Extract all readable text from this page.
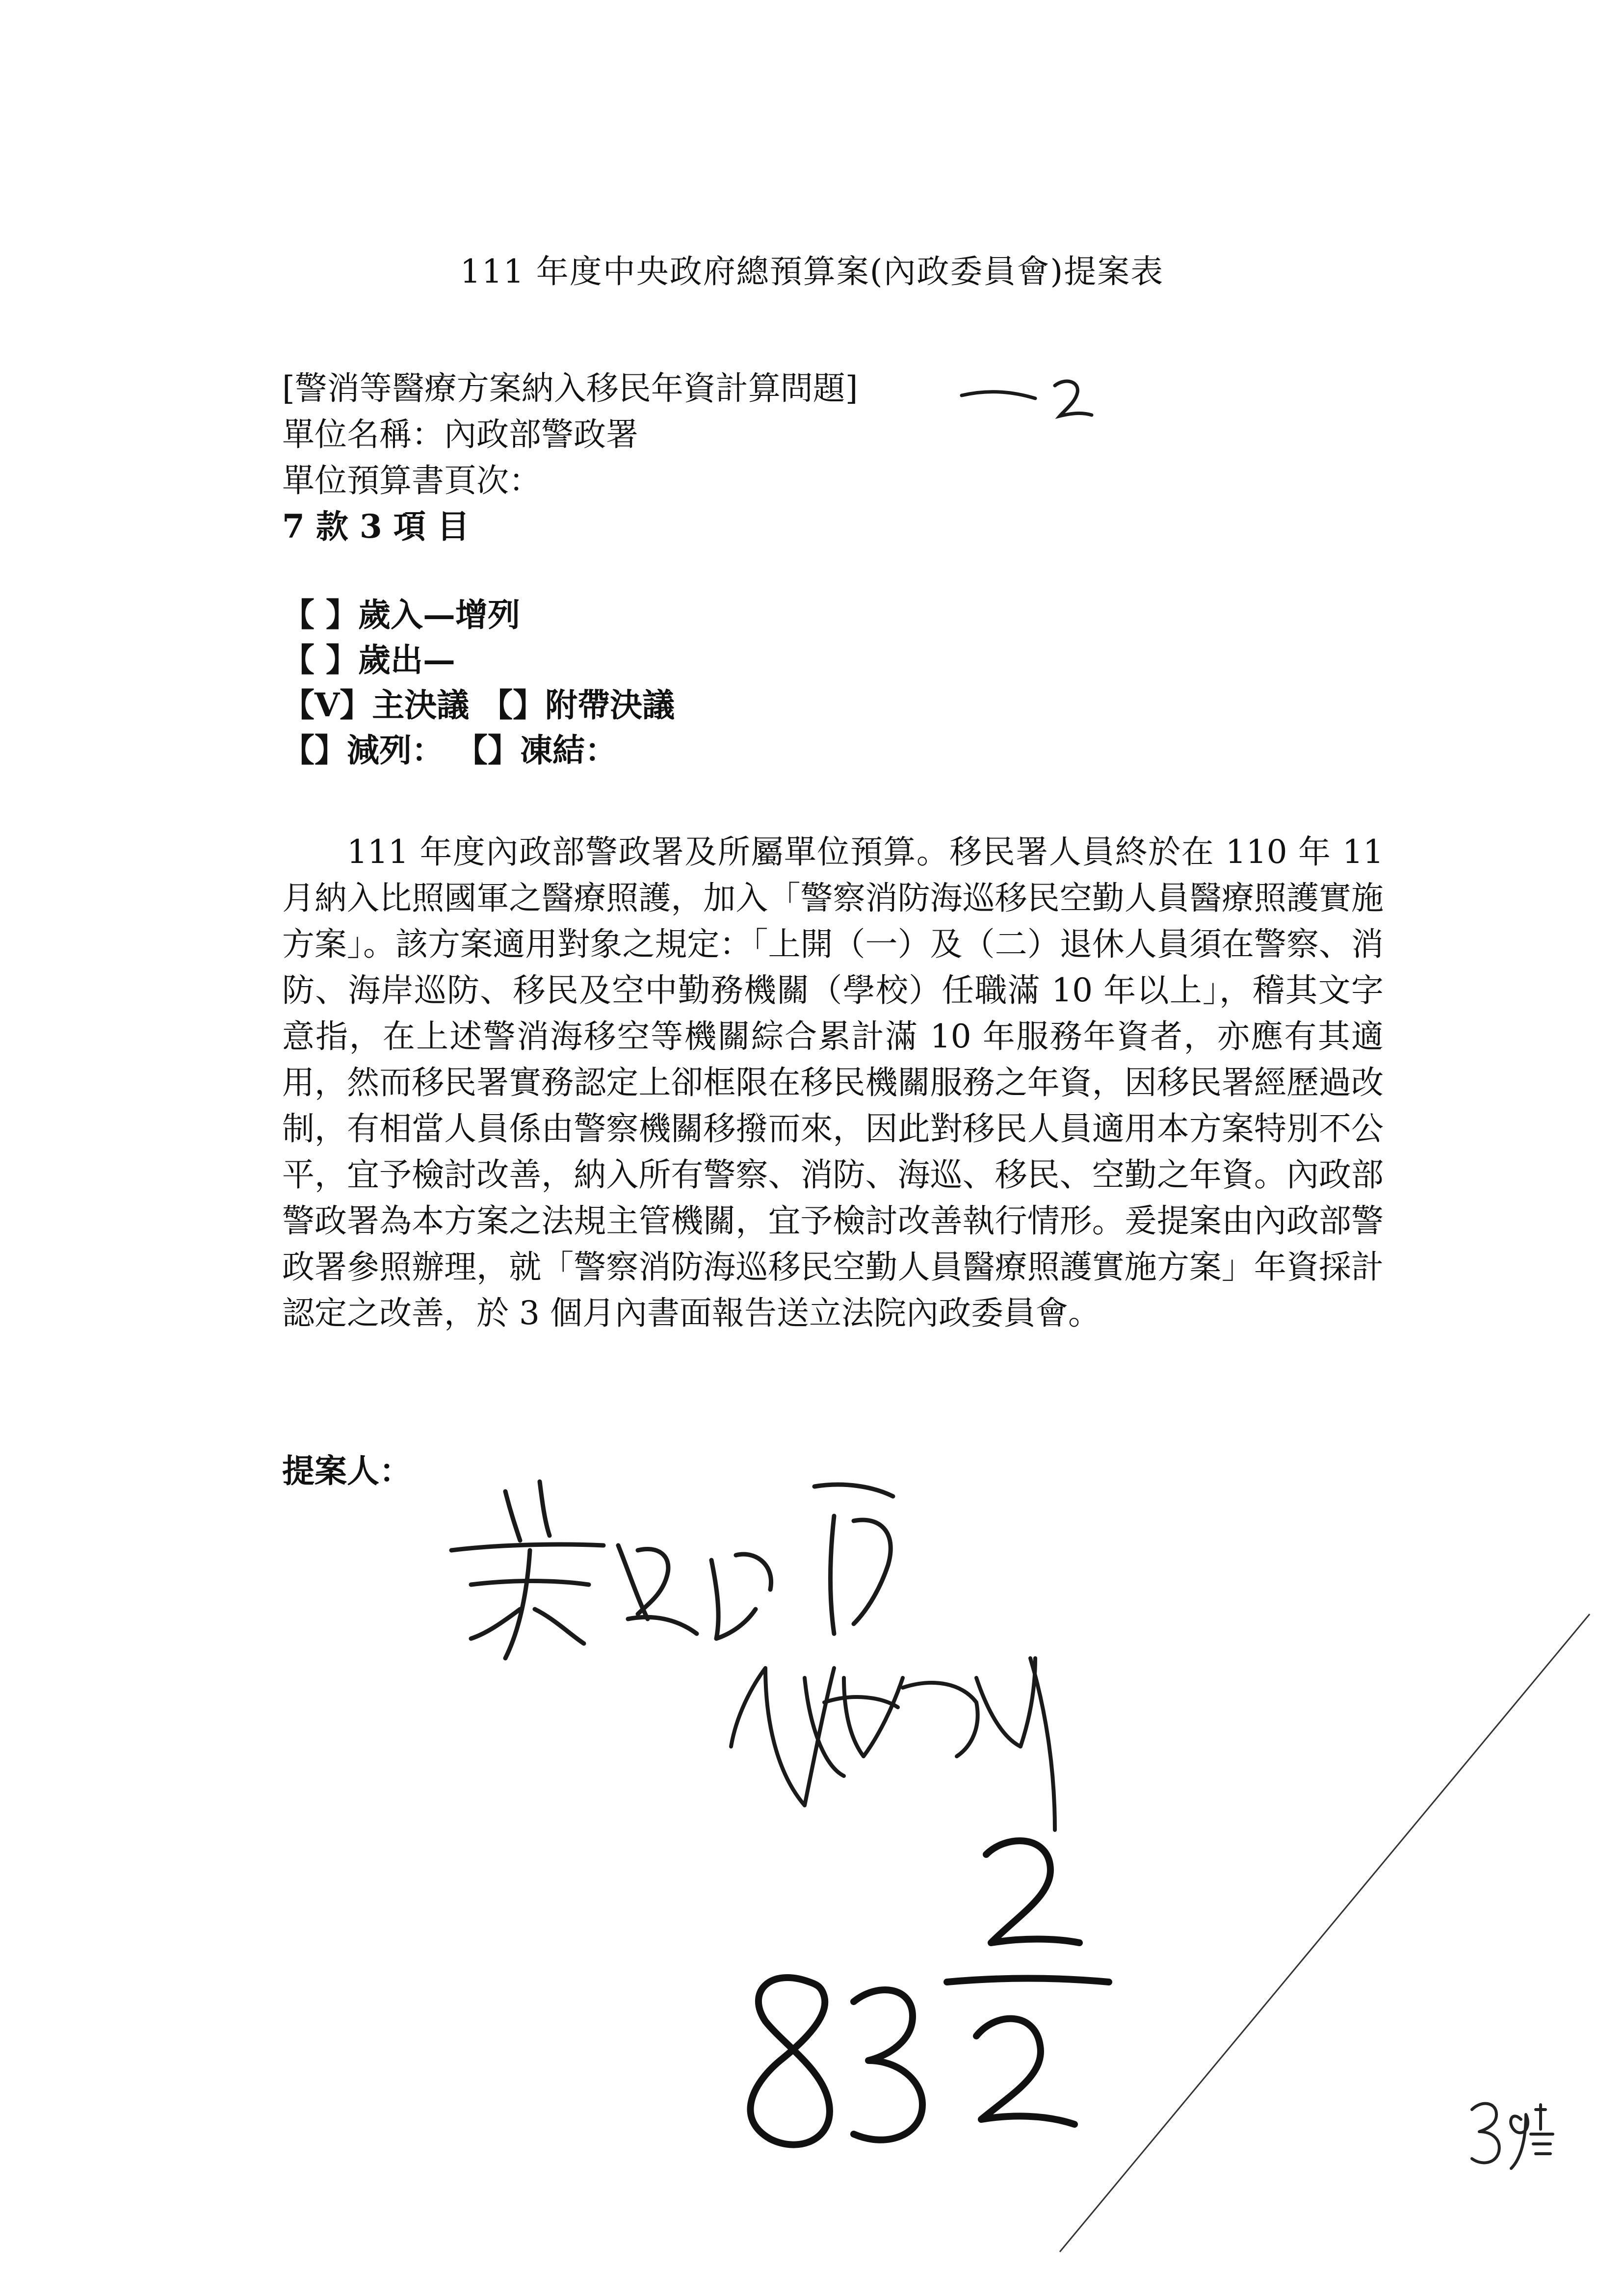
111 年度中央政府總預算案(內政委員會)提案表
[警消等醫療方案納入移民年資計算問題]
單位名稱：內政部警政署
單位預算書頁次：
7 款 3 項 目
【 】歲入—增列
【 】歲出—
【V】主決議 【】附帶決議
【】減列： 【】凍結：

111 年度內政部警政署及所屬單位預算。移民署人員終於在 110 年 11 月納入比照國軍之醫療照護，加入「警察消防海巡移民空勤人員醫療照護實施方案」。該方案適用對象之規定：「上開（一）及（二）退休人員須在警察、消防、海岸巡防、移民及空中勤務機關（學校）任職滿 10 年以上」，稽其文字意指，在上述警消海移空等機關綜合累計滿 10 年服務年資者，亦應有其適用，然而移民署實務認定上卻框限在移民機關服務之年資，因移民署經歷過改制，有相當人員係由警察機關移撥而來，因此對移民人員適用本方案特別不公平，宜予檢討改善，納入所有警察、消防、海巡、移民、空勤之年資。內政部警政署為本方案之法規主管機關，宜予檢討改善執行情形。爰提案由內政部警政署參照辦理，就「警察消防海巡移民空勤人員醫療照護實施方案」年資採計認定之改善，於 3 個月內書面報告送立法院內政委員會。

提案人：
